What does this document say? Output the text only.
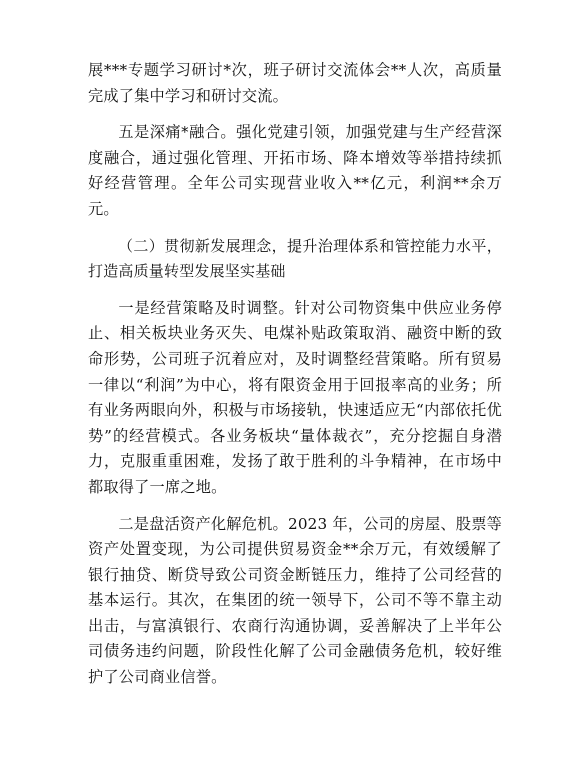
展***专题学习研讨*次，班子研讨交流体会**人次，高质量完成了集中学习和研讨交流。

五是深痛*融合。强化党建引领，加强党建与生产经营深度融合，通过强化管理、开拓市场、降本增效等举措持续抓好经营管理。全年公司实现营业收入**亿元，利润**余万元。

（二）贯彻新发展理念，提升治理体系和管控能力水平，打造高质量转型发展坚实基础

一是经营策略及时调整。针对公司物资集中供应业务停止、相关板块业务灭失、电煤补贴政策取消、融资中断的致命形势，公司班子沉着应对，及时调整经营策略。所有贸易一律以“利润”为中心，将有限资金用于回报率高的业务；所有业务两眼向外，积极与市场接轨，快速适应无“内部依托优势”的经营模式。各业务板块“量体裁衣”，充分挖掘自身潜力，克服重重困难，发扬了敢于胜利的斗争精神，在市场中都取得了一席之地。

二是盘活资产化解危机。2023 年，公司的房屋、股票等资产处置变现，为公司提供贸易资金**余万元，有效缓解了银行抽贷、断贷导致公司资金断链压力，维持了公司经营的基本运行。其次，在集团的统一领导下，公司不等不靠主动出击，与富滇银行、农商行沟通协调，妥善解决了上半年公司债务违约问题，阶段性化解了公司金融债务危机，较好维护了公司商业信誉。
